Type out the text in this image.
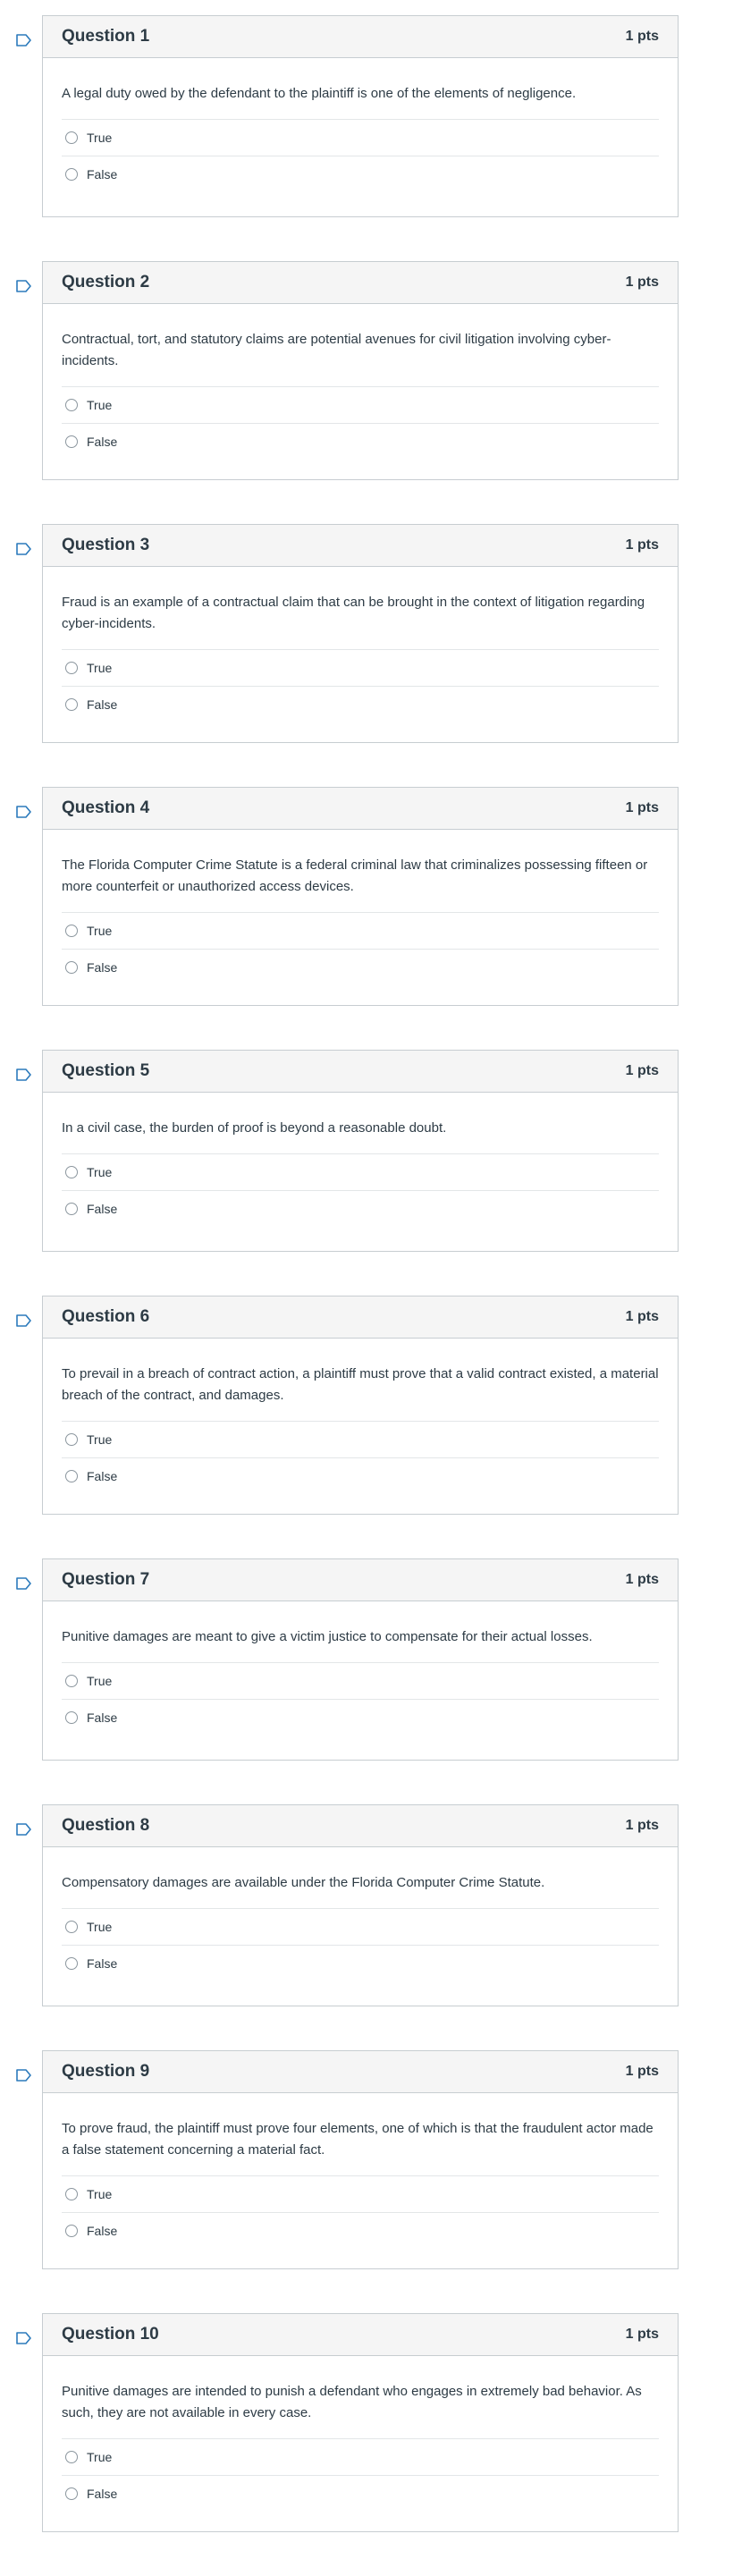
Question 1	1 pts
A legal duty owed by the defendant to the plaintiff is one of the elements of negligence.
True
False
Question 2	1 pts
Contractual, tort, and statutory claims are potential avenues for civil litigation involving cyber-incidents.
True
False
Question 3	1 pts
Fraud is an example of a contractual claim that can be brought in the context of litigation regarding cyber-incidents.
True
False
Question 4	1 pts
The Florida Computer Crime Statute is a federal criminal law that criminalizes possessing fifteen or more counterfeit or unauthorized access devices.
True
False
Question 5	1 pts
In a civil case, the burden of proof is beyond a reasonable doubt.
True
False
Question 6	1 pts
To prevail in a breach of contract action, a plaintiff must prove that a valid contract existed, a material breach of the contract, and damages.
True
False
Question 7	1 pts
Punitive damages are meant to give a victim justice to compensate for their actual losses.
True
False
Question 8	1 pts
Compensatory damages are available under the Florida Computer Crime Statute.
True
False
Question 9	1 pts
To prove fraud, the plaintiff must prove four elements, one of which is that the fraudulent actor made a false statement concerning a material fact.
True
False
Question 10	1 pts
Punitive damages are intended to punish a defendant who engages in extremely bad behavior. As such, they are not available in every case.
True
False
